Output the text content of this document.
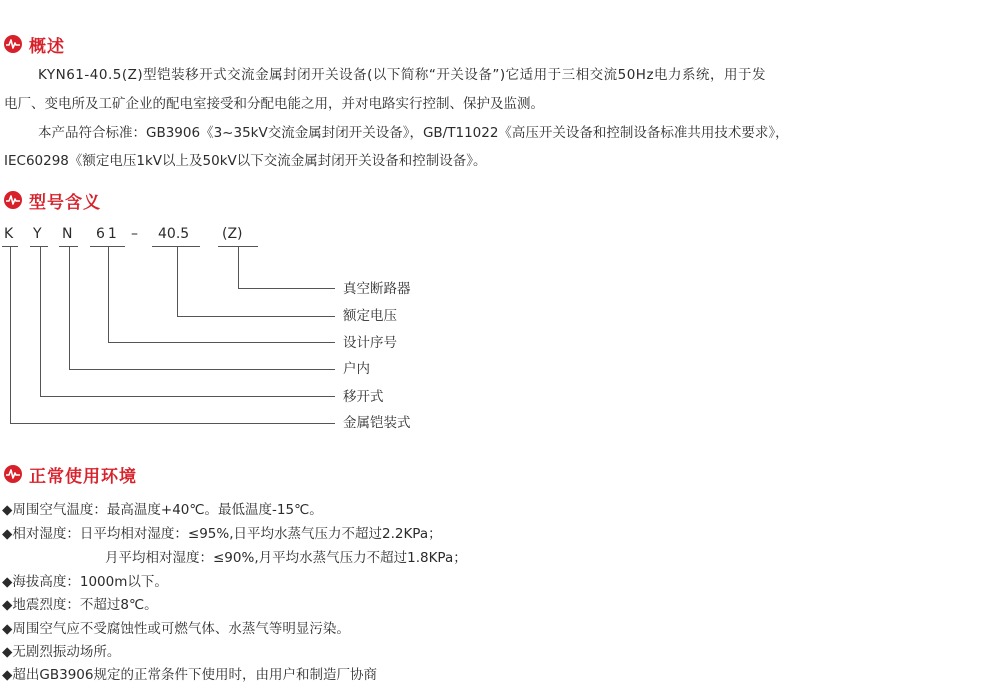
概述
KYN61-40.5(Z)型铠装移开式交流金属封闭开关设备(以下简称“开关设备”)它适用于三相交流50Hz电力系统，用于发
电厂、变电所及工矿企业的配电室接受和分配电能之用，并对电路实行控制、保护及监测。
本产品符合标准：GB3906《3~35kV交流金属封闭开关设备》，GB/T11022《高压开关设备和控制设备标准共用技术要求》，
IEC60298《额定电压1kV以上及50kV以下交流金属封闭开关设备和控制设备》。
型号含义
K Y N 61 – 40.5 (Z)
真空断路器
额定电压
设计序号
户内
移开式
金属铠装式
正常使用环境
◆周围空气温度：最高温度+40℃。最低温度-15℃。
◆相对湿度：日平均相对湿度：≤95%,日平均水蒸气压力不超过2.2KPa；
月平均相对湿度：≤90%,月平均水蒸气压力不超过1.8KPa；
◆海拔高度：1000m以下。
◆地震烈度：不超过8℃。
◆周围空气应不受腐蚀性或可燃气体、水蒸气等明显污染。
◆无剧烈振动场所。
◆超出GB3906规定的正常条件下使用时，由用户和制造厂协商
